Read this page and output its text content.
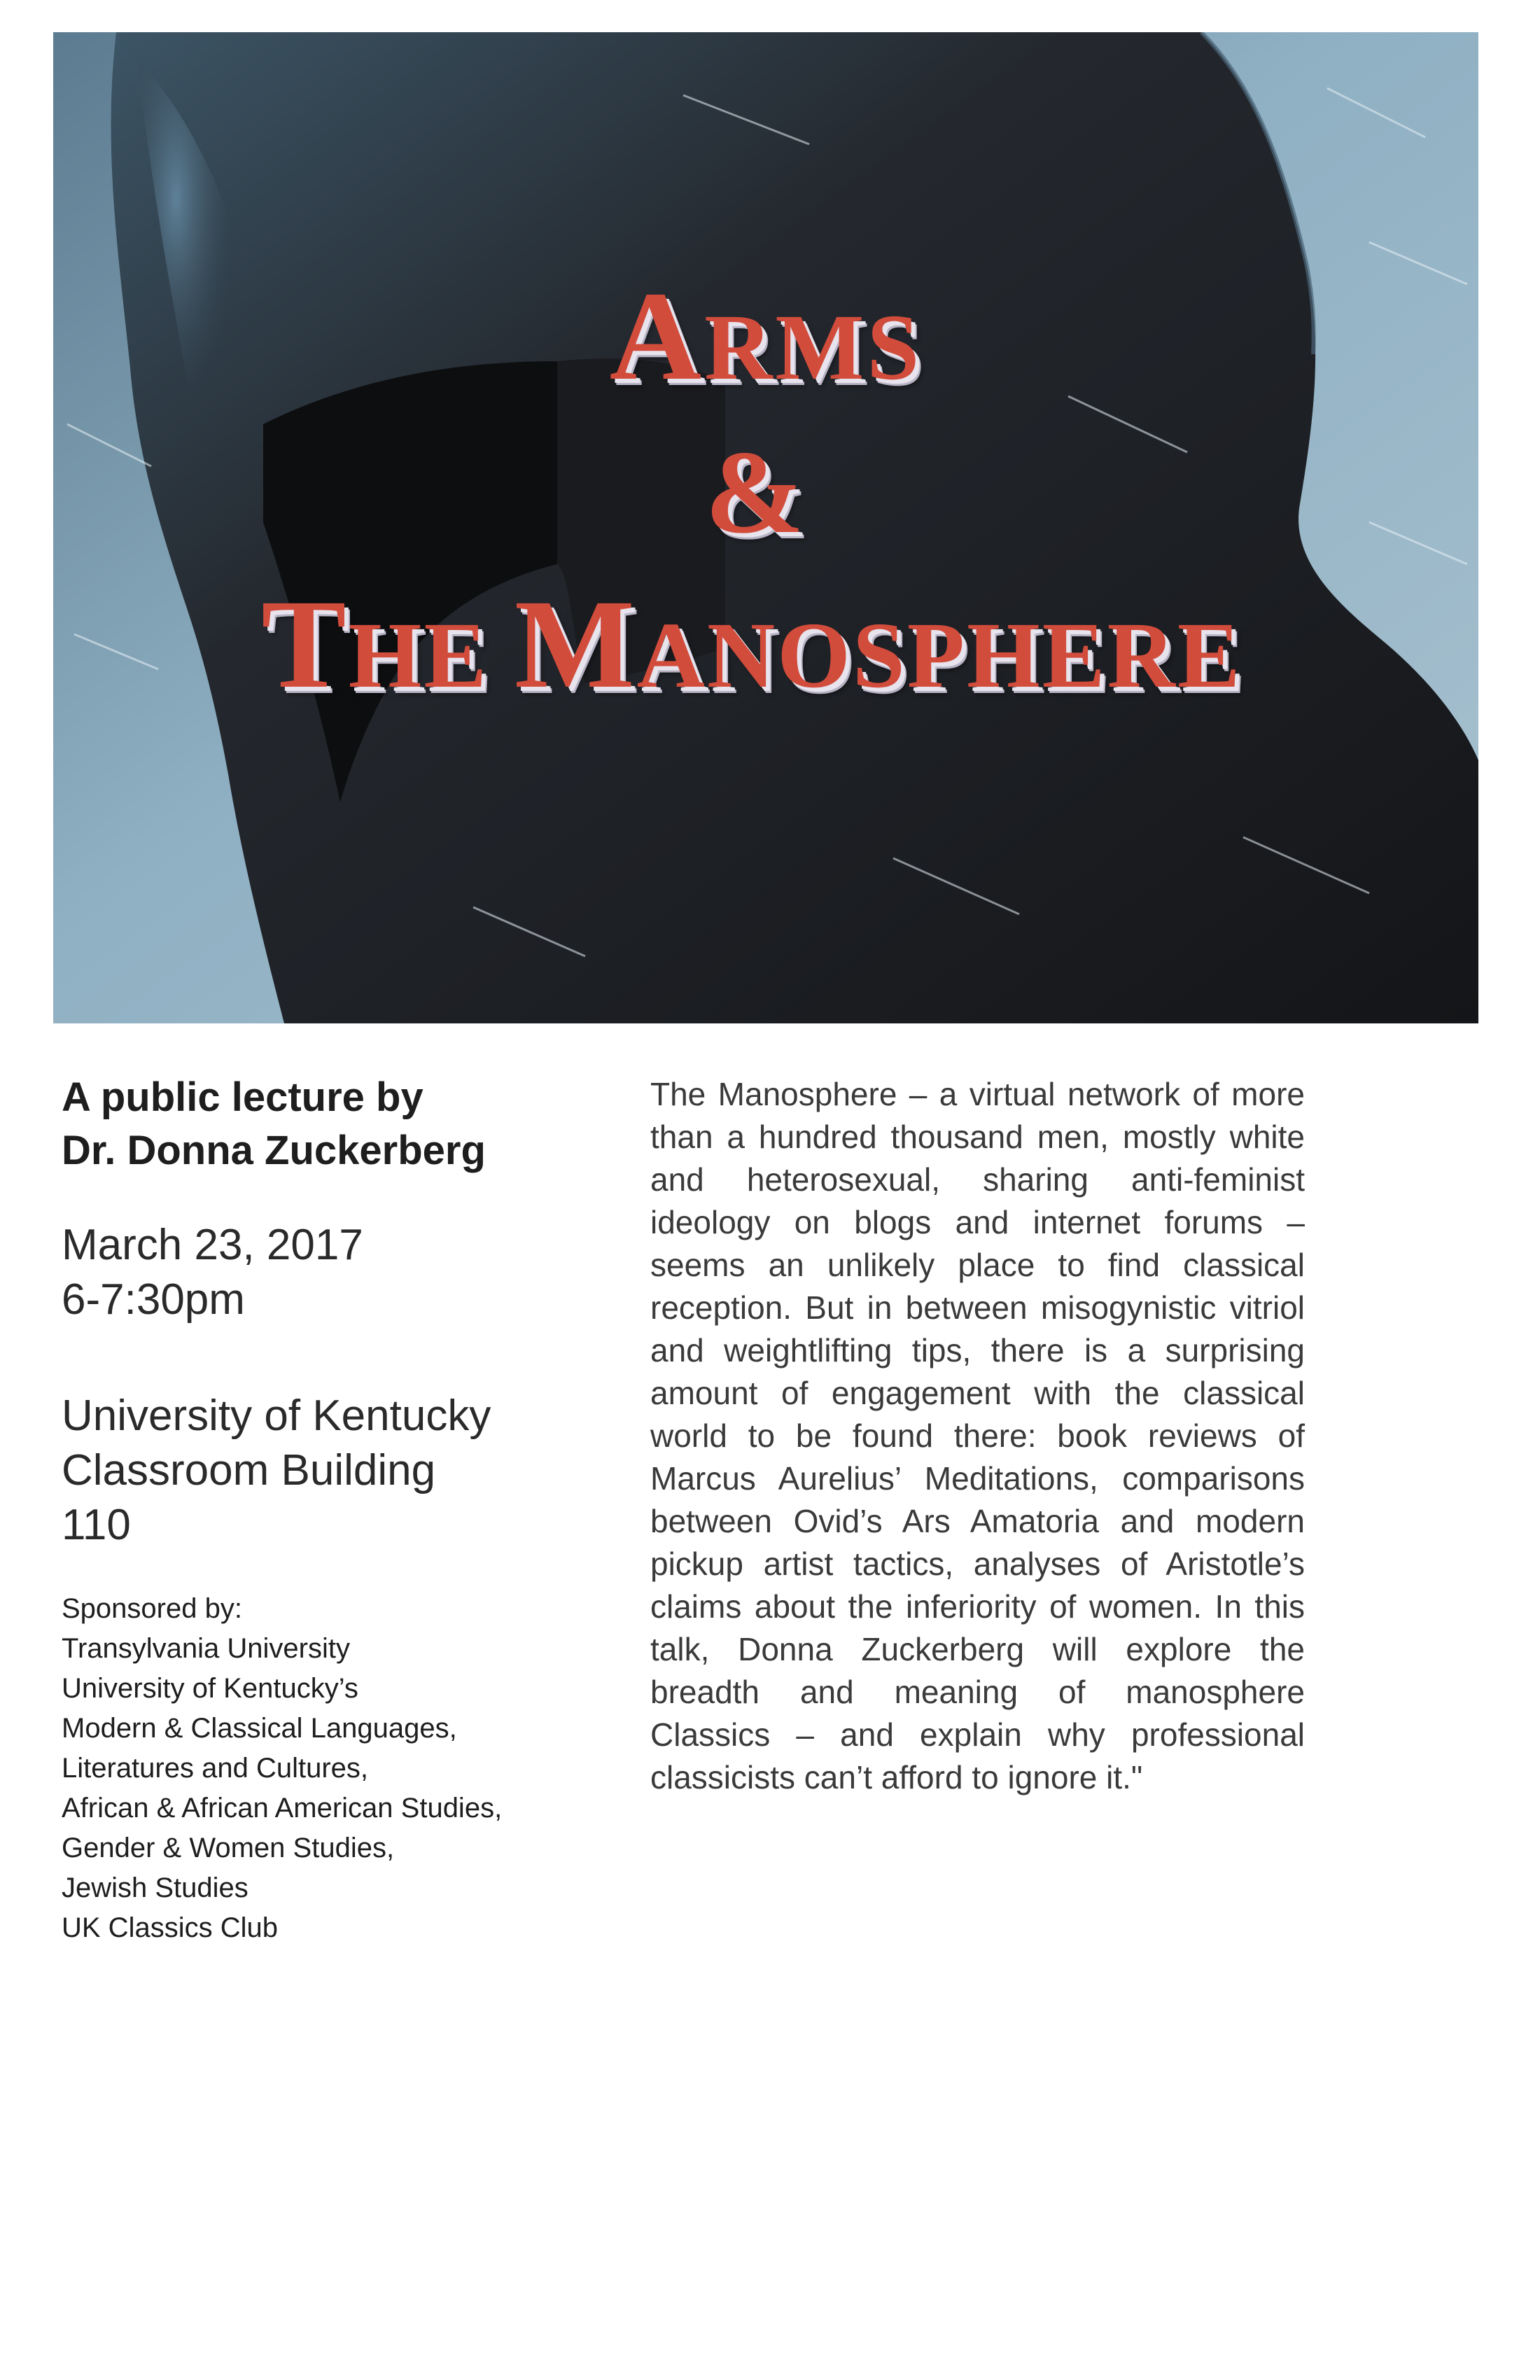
ARMS
&
THE MANOSPHERE

A public lecture by

Dr. Donna Zuckerberg

March 23, 2017

6-7:30pm

University of Kentucky

Classroom Building

110

Sponsored by:

Transylvania University

University of Kentucky’s

Modern & Classical Languages,

Literatures and Cultures,

African & African American Studies,

Gender & Women Studies,

Jewish Studies

UK Classics Club

The Manosphere – a virtual network of more than a hundred thousand men, mostly white and heterosexual, sharing anti-feminist ideology on blogs and internet forums – seems an unlikely place to find classical reception. But in between misogynistic vitriol and weightlifting tips, there is a surprising amount of engagement with the classical world to be found there: book reviews of Marcus Aurelius’ Meditations, comparisons between Ovid’s Ars Amatoria and modern pickup artist tactics, analyses of Aristotle’s claims about the inferiority of women. In this talk, Donna Zuckerberg will explore the breadth and meaning of manosphere Classics – and explain why professional classicists can’t afford to ignore it."
